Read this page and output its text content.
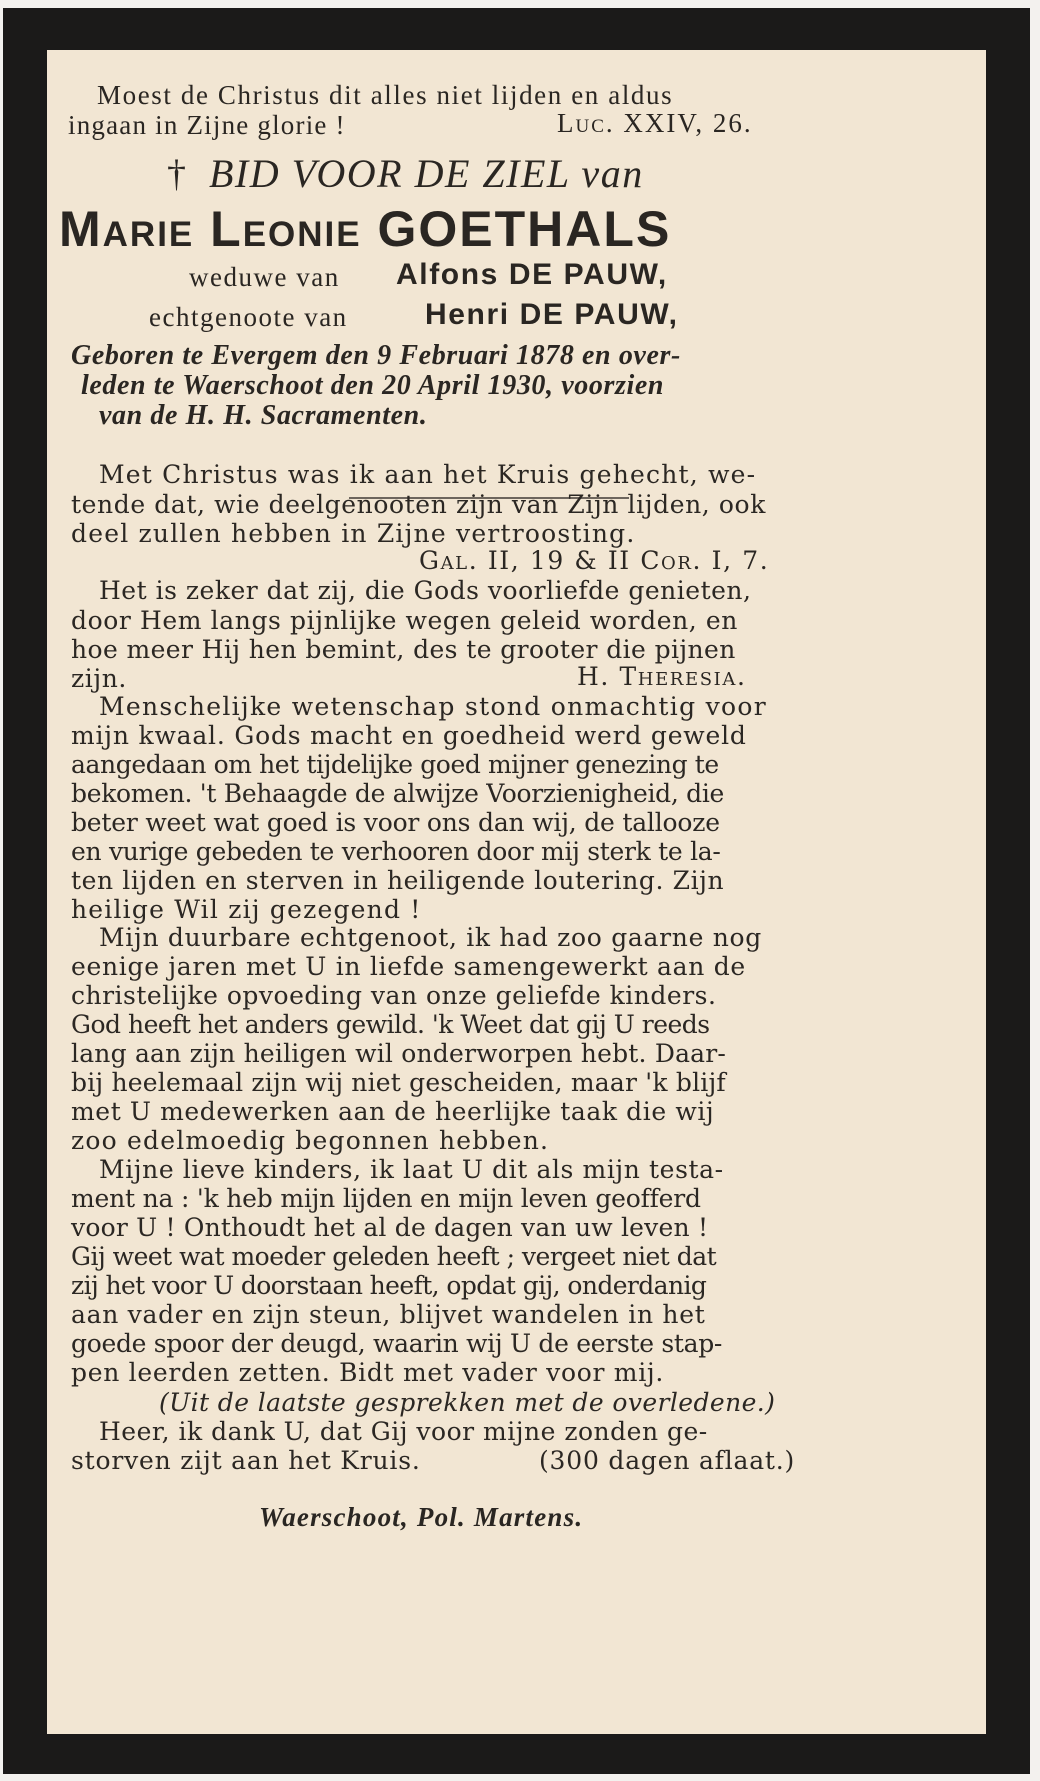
Moest de Christus dit alles niet lijden en aldus
ingaan in Zijne glorie !	Luc. XXIV, 26.
† BID VOOR DE ZIEL van
Marie Leonie GOETHALS
weduwe van Alfons DE PAUW,
echtgenoote van	Henri DE PAUW,
Geboren te Evergem den 9 Februari 1878 en over-
leden te Waerschoot den 20 April 1930, voorzien
van de H. H. Sacramenten.
Met Christus was ik aan het Kruis gehecht, we-
tende dat, wie deelgenooten zijn van Zijn lijden, ook
deel zullen hebben in Zijne vertroosting.
Gal. II, 19 & II Cor. I, 7.
Het is zeker dat zij, die Gods voorliefde genieten,
door Hem langs pijnlijke wegen geleid worden, en
hoe meer Hij hen bemint, des te grooter die pijnen
zijn.	H. Theresia.
Menschelijke wetenschap stond onmachtig voor
mijn kwaal. Gods macht en goedheid werd geweld
aangedaan om het tijdelijke goed mijner genezing te
bekomen. 't Behaagde de alwijze Voorzienigheid, die
beter weet wat goed is voor ons dan wij, de tallooze
en vurige gebeden te verhooren door mij sterk te la-
ten lijden en sterven in heiligende loutering. Zijn
heilige Wil zij gezegend !
Mijn duurbare echtgenoot, ik had zoo gaarne nog
eenige jaren met U in liefde samengewerkt aan de
christelijke opvoeding van onze geliefde kinders.
God heeft het anders gewild. 'k Weet dat gij U reeds
lang aan zijn heiligen wil onderworpen hebt. Daar-
bij heelemaal zijn wij niet gescheiden, maar 'k blijf
met U medewerken aan de heerlijke taak die wij
zoo edelmoedig begonnen hebben.
Mijne lieve kinders, ik laat U dit als mijn testa-
ment na : 'k heb mijn lijden en mijn leven geofferd
voor U ! Onthoudt het al de dagen van uw leven !
Gij weet wat moeder geleden heeft ; vergeet niet dat
zij het voor U doorstaan heeft, opdat gij, onderdanig
aan vader en zijn steun, blijvet wandelen in het
goede spoor der deugd, waarin wij U de eerste stap-
pen leerden zetten. Bidt met vader voor mij.
(Uit de laatste gesprekken met de overledene.)
Heer, ik dank U, dat Gij voor mijne zonden ge-
storven zijt aan het Kruis.	(300 dagen aflaat.)
Waerschoot, Pol. Martens.
